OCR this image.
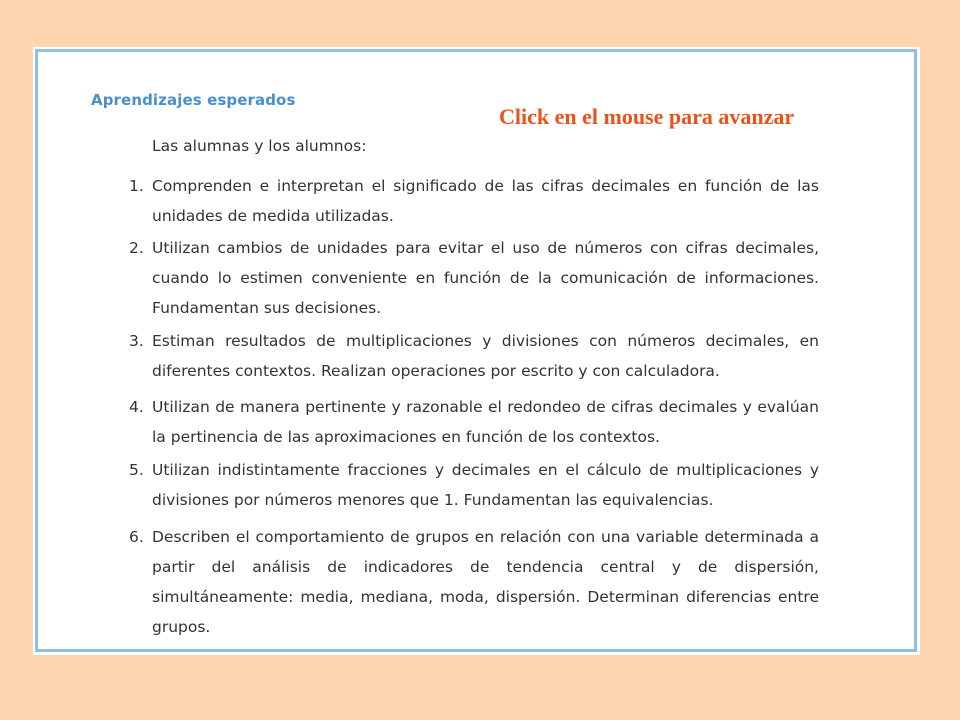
Aprendizajes esperados
Click en el mouse para avanzar
Las alumnas y los alumnos:
1. Comprenden e interpretan el significado de las cifras decimales en función de las unidades de medida utilizadas.
2. Utilizan cambios de unidades para evitar el uso de números con cifras decimales, cuando lo estimen conveniente en función de la comunicación de informaciones. Fundamentan sus decisiones.
3. Estiman resultados de multiplicaciones y divisiones con números decimales, en diferentes contextos. Realizan operaciones por escrito y con calculadora.
4. Utilizan de manera pertinente y razonable el redondeo de cifras decimales y evalúan la pertinencia de las aproximaciones en función de los contextos.
5. Utilizan indistintamente fracciones y decimales en el cálculo de multiplicaciones y divisiones por números menores que 1. Fundamentan las equivalencias.
6. Describen el comportamiento de grupos en relación con una variable determinada a partir del análisis de indicadores de tendencia central y de dispersión, simultáneamente: media, mediana, moda, dispersión. Determinan diferencias entre grupos.
